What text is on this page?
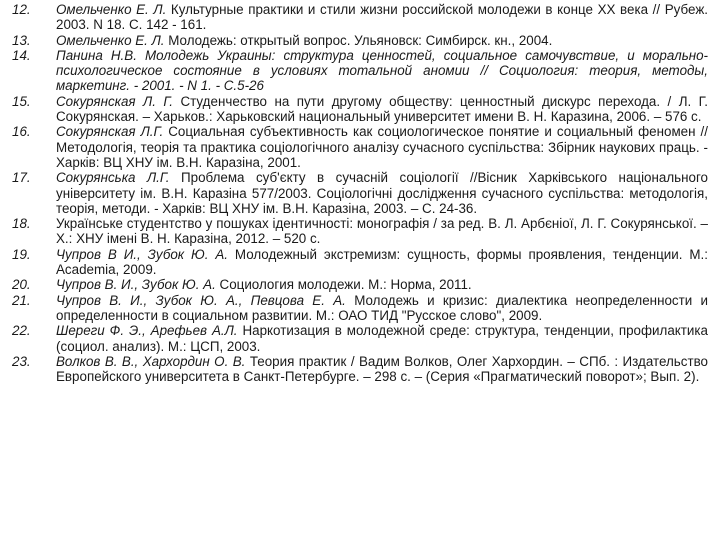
12.	Омельченко Е. Л. Культурные практики и стили жизни российской молодежи в конце XX века // Рубеж. 2003. N 18. С. 142 - 161.
13.	Омельченко Е. Л. Молодежь: открытый вопрос. Ульяновск: Симбирск. кн., 2004.
14.	Панина Н.В. Молодежь Украины: структура ценностей, социальное самочувствие, и морально-психологическое состояние в условиях тотальной аномии // Социология: теория, методы, маркетинг. - 2001. - N 1. - С.5-26
15.	Сокурянская Л. Г. Студенчество на пути другому обществу: ценностный дискурс перехода. / Л. Г. Сокурянская. – Харьков.: Харьковский национальный университет имени В. Н. Каразина, 2006. – 576 с.
16.	Сокурянская Л.Г. Социальная субъективность как социологическое понятие и социальный феномен // Методологія, теорія та практика соціологічного аналізу сучасного суспільства: Збірник наукових праць. - Харків: ВЦ ХНУ ім. В.Н. Каразіна, 2001.
17.	Сокурянська Л.Г. Проблема суб'єкту в сучасній соціології //Вісник Харківського національного університету ім. В.Н. Каразіна 577/2003. Соціологічні дослідження сучасного суспільства: методологія, теорія, методи. - Харків: ВЦ ХНУ ім. В.Н. Каразіна, 2003. – С. 24-36.
18.	Українське студентство у пошуках ідентичності: монографія / за ред. В. Л. Арбєніої, Л. Г. Сокурянської. – Х.: ХНУ імені В. Н. Каразіна, 2012. – 520 с.
19.	Чупров В И., Зубок Ю. А. Молодежный экстремизм: сущность, формы проявления, тенденции. М.: Academia, 2009.
20.	Чупров В. И., Зубок Ю. А. Социология молодежи. М.: Норма, 2011.
21.	Чупров В. И., Зубок Ю. А., Певцова Е. А. Молодежь и кризис: диалектика неопределенности и определенности в социальном развитии. М.: ОАО ТИД "Русское слово", 2009.
22.	Шереги Ф. Э., Арефьев А.Л. Наркотизация в молодежной среде: структура, тенденции, профилактика (социол. анализ). М.: ЦСП, 2003.
23.	Волков В. В., Хархордин О. В. Теория практик / Вадим Волков, Олег Хархордин. – СПб. : Издательство Европейского университета в Санкт-Петербурге. – 298 с. – (Серия «Прагматический поворот»; Вып. 2).
